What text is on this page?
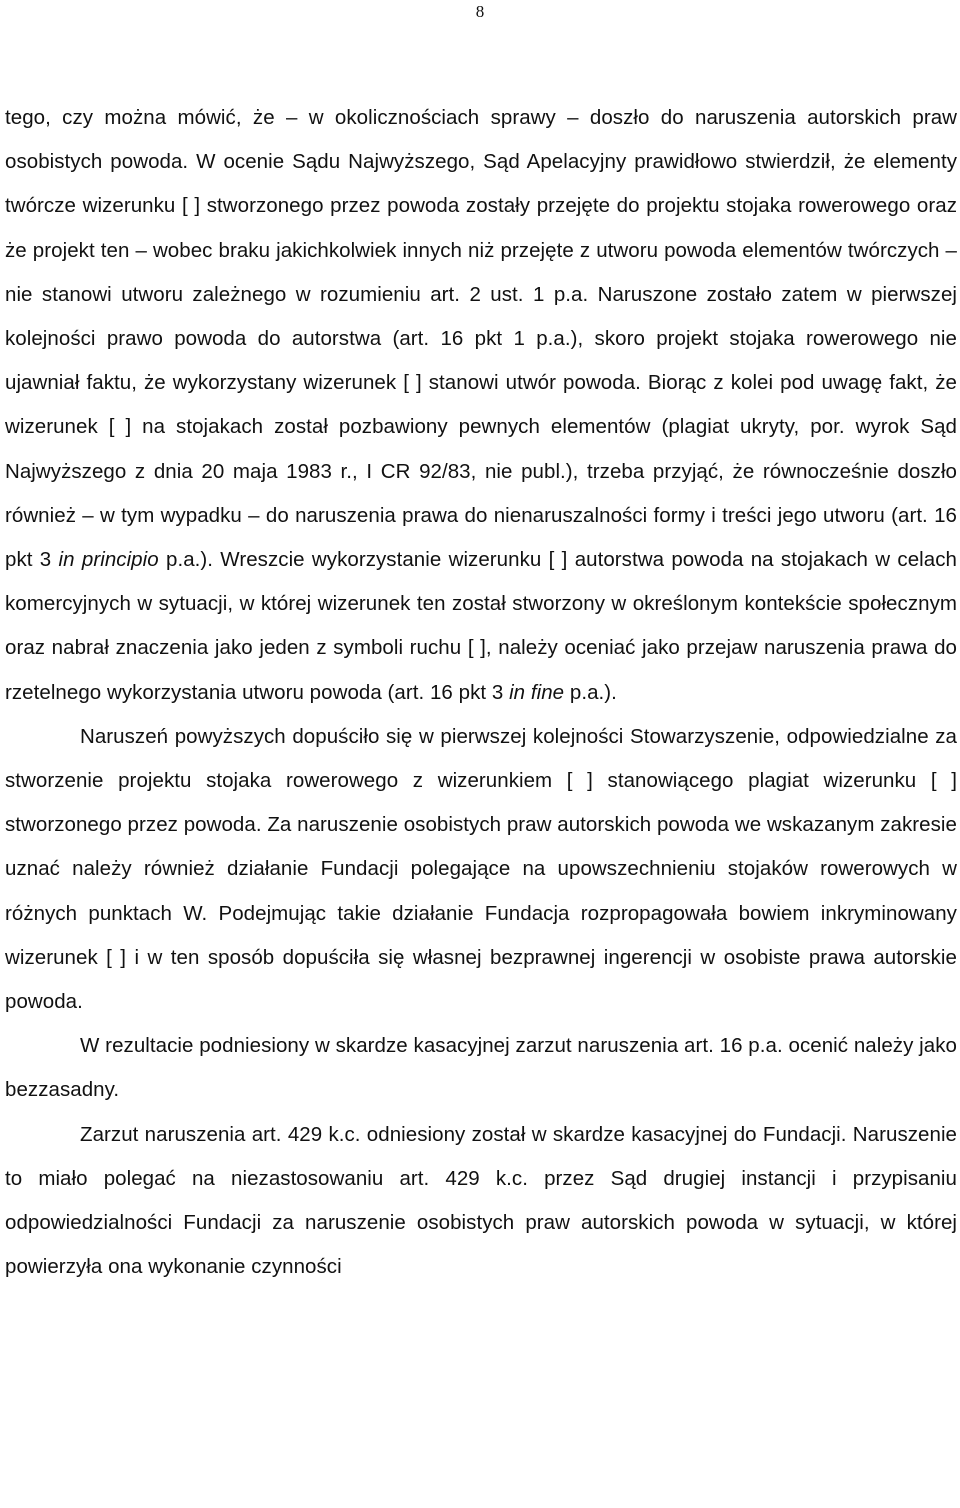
8

tego, czy można mówić, że – w okolicznościach sprawy – doszło do naruszenia autorskich praw osobistych powoda. W ocenie Sądu Najwyższego, Sąd Apelacyjny prawidłowo stwierdził, że elementy twórcze wizerunku [ ] stworzonego przez powoda zostały przejęte do projektu stojaka rowerowego oraz że projekt ten – wobec braku jakichkolwiek innych niż przejęte z utworu powoda elementów twórczych – nie stanowi utworu zależnego w rozumieniu art. 2 ust. 1 p.a. Naruszone zostało zatem w pierwszej kolejności prawo powoda do autorstwa (art. 16 pkt 1 p.a.), skoro projekt stojaka rowerowego nie ujawniał faktu, że wykorzystany wizerunek [ ] stanowi utwór powoda. Biorąc z kolei pod uwagę fakt, że wizerunek [ ] na stojakach został pozbawiony pewnych elementów (plagiat ukryty, por. wyrok Sąd Najwyższego z dnia 20 maja 1983 r., I CR 92/83, nie publ.), trzeba przyjąć, że równocześnie doszło również – w tym wypadku – do naruszenia prawa do nienaruszalności formy i treści jego utworu (art. 16 pkt 3 in principio p.a.). Wreszcie wykorzystanie wizerunku [ ] autorstwa powoda na stojakach w celach komercyjnych w sytuacji, w której wizerunek ten został stworzony w określonym kontekście społecznym oraz nabrał znaczenia jako jeden z symboli ruchu [ ], należy oceniać jako przejaw naruszenia prawa do rzetelnego wykorzystania utworu powoda (art. 16 pkt 3 in fine p.a.).

Naruszeń powyższych dopuściło się w pierwszej kolejności Stowarzyszenie, odpowiedzialne za stworzenie projektu stojaka rowerowego z wizerunkiem [ ] stanowiącego plagiat wizerunku [ ] stworzonego przez powoda. Za naruszenie osobistych praw autorskich powoda we wskazanym zakresie uznać należy również działanie Fundacji polegające na upowszechnieniu stojaków rowerowych w różnych punktach W. Podejmując takie działanie Fundacja rozpropagowała bowiem inkryminowany wizerunek [ ] i w ten sposób dopuściła się własnej bezprawnej ingerencji w osobiste prawa autorskie powoda.

W rezultacie podniesiony w skardze kasacyjnej zarzut naruszenia art. 16 p.a. ocenić należy jako bezzasadny.

Zarzut naruszenia art. 429 k.c. odniesiony został w skardze kasacyjnej do Fundacji. Naruszenie to miało polegać na niezastosowaniu art. 429 k.c. przez Sąd drugiej instancji i przypisaniu odpowiedzialności Fundacji za naruszenie osobistych praw autorskich powoda w sytuacji, w której powierzyła ona wykonanie czynności
